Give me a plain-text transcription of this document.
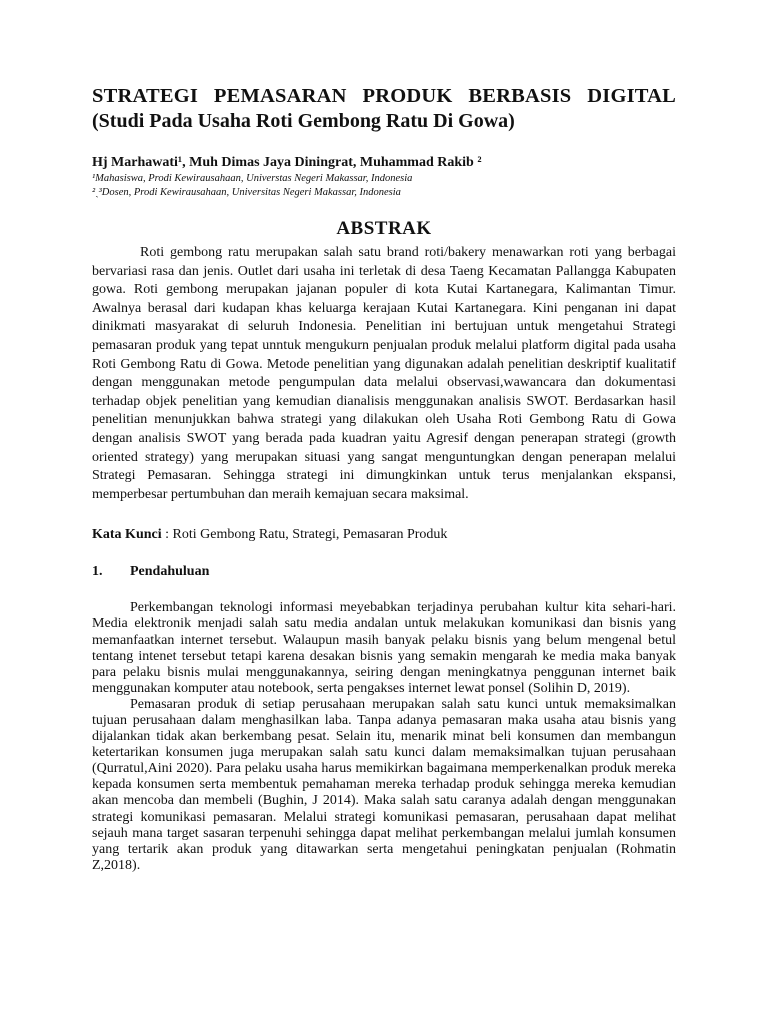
STRATEGI PEMASARAN PRODUK BERBASIS DIGITAL
(Studi Pada Usaha Roti Gembong Ratu Di Gowa)
Hj Marhawati¹, Muh Dimas Jaya Diningrat, Muhammad Rakib ²
¹Mahasiswa, Prodi Kewirausahaan, Universtas Negeri Makassar, Indonesia
²ˎ³Dosen, Prodi Kewirausahaan, Universitas Negeri Makassar, Indonesia
ABSTRAK

Roti gembong ratu merupakan salah satu brand roti/bakery menawarkan roti yang berbagai bervariasi rasa dan jenis. Outlet dari usaha ini terletak di desa Taeng Kecamatan Pallangga Kabupaten gowa. Roti gembong merupakan jajanan populer di kota Kutai Kartanegara, Kalimantan Timur. Awalnya berasal dari kudapan khas keluarga kerajaan Kutai Kartanegara. Kini penganan ini dapat dinikmati masyarakat di seluruh Indonesia. Penelitian ini bertujuan untuk mengetahui Strategi pemasaran produk yang tepat unntuk mengukurn penjualan produk melalui platform digital pada usaha Roti Gembong Ratu di Gowa. Metode penelitian yang digunakan adalah penelitian deskriptif kualitatif dengan menggunakan metode pengumpulan data melalui observasi,wawancara dan dokumentasi terhadap objek penelitian yang kemudian dianalisis menggunakan analisis SWOT. Berdasarkan hasil penelitian menunjukkan bahwa strategi yang dilakukan oleh Usaha Roti Gembong Ratu di Gowa dengan analisis SWOT yang berada pada kuadran yaitu Agresif dengan penerapan strategi (growth oriented strategy) yang merupakan situasi yang sangat menguntungkan dengan penerapan melalui Strategi Pemasaran. Sehingga strategi ini dimungkinkan untuk terus menjalankan ekspansi, memperbesar pertumbuhan dan meraih kemajuan secara maksimal.

Kata Kunci : Roti Gembong Ratu, Strategi, Pemasaran Produk
1.	Pendahuluan

Perkembangan teknologi informasi meyebabkan terjadinya perubahan kultur kita sehari-hari. Media elektronik menjadi salah satu media andalan untuk melakukan komunikasi dan bisnis yang memanfaatkan internet tersebut. Walaupun masih banyak pelaku bisnis yang belum mengenal betul tentang intenet tersebut tetapi karena desakan bisnis yang semakin mengarah ke media maka banyak para pelaku bisnis mulai menggunakannya, seiring dengan meningkatnya penggunan internet baik menggunakan komputer atau notebook, serta pengakses internet lewat ponsel (Solihin D, 2019).

Pemasaran produk di setiap perusahaan merupakan salah satu kunci untuk memaksimalkan tujuan perusahaan dalam menghasilkan laba. Tanpa adanya pemasaran maka usaha atau bisnis yang dijalankan tidak akan berkembang pesat. Selain itu, menarik minat beli konsumen dan membangun ketertarikan konsumen juga merupakan salah satu kunci dalam memaksimalkan tujuan perusahaan (Qurratul,Aini 2020). Para pelaku usaha harus memikirkan bagaimana memperkenalkan produk mereka kepada konsumen serta membentuk pemahaman mereka terhadap produk sehingga mereka kemudian akan mencoba dan membeli (Bughin, J 2014). Maka salah satu caranya adalah dengan menggunakan strategi komunikasi pemasaran. Melalui strategi komunikasi pemasaran, perusahaan dapat melihat sejauh mana target sasaran terpenuhi sehingga dapat melihat perkembangan melalui jumlah konsumen yang tertarik akan produk yang ditawarkan serta mengetahui peningkatan penjualan (Rohmatin Z,2018).
